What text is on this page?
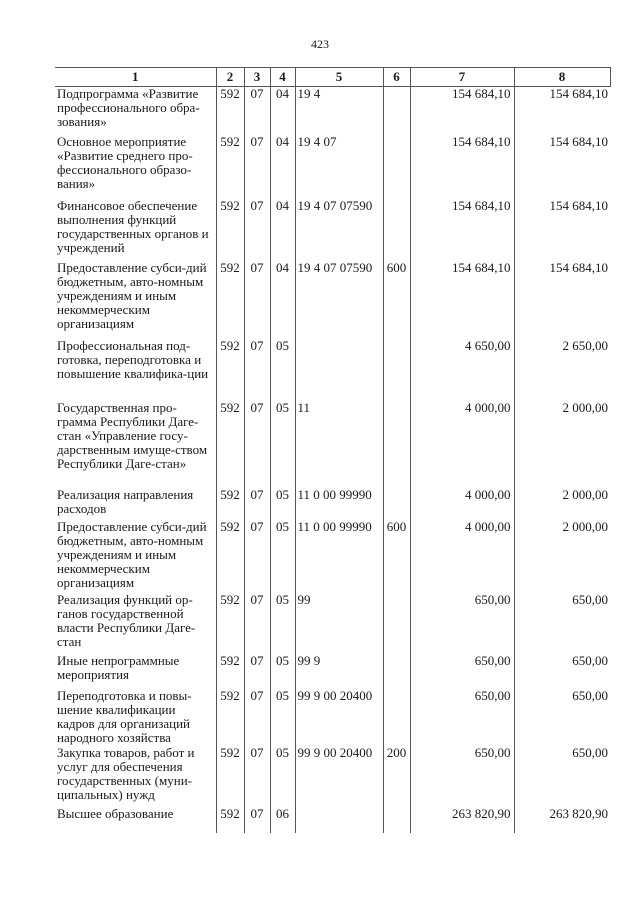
423
1	2	3	4	5	6	7	8
Подпрограмма «Развитие профессионального обра-зования»	592	07	04	19 4		154 684,10	154 684,10
Основное мероприятие «Развитие среднего про-фессионального образо-вания»	592	07	04	19 4 07		154 684,10	154 684,10
Финансовое обеспечение выполнения функций государственных органов и учреждений	592	07	04	19 4 07 07590		154 684,10	154 684,10
Предоставление субси-дий бюджетным, авто-номным учреждениям и иным некоммерческим организациям	592	07	04	19 4 07 07590	600	154 684,10	154 684,10
Профессиональная под-готовка, переподготовка и повышение квалифика-ции	592	07	05			4 650,00	2 650,00
Государственная про-грамма Республики Даге-стан «Управление госу-дарственным имуще-ством Республики Даге-стан»	592	07	05	11		4 000,00	2 000,00
Реализация направления расходов	592	07	05	11 0 00 99990		4 000,00	2 000,00
Предоставление субси-дий бюджетным, авто-номным учреждениям и иным некоммерческим организациям	592	07	05	11 0 00 99990	600	4 000,00	2 000,00
Реализация функций ор-ганов государственной власти Республики Даге-стан	592	07	05	99		650,00	650,00
Иные непрограммные мероприятия	592	07	05	99 9		650,00	650,00
Переподготовка и повы-шение квалификации кадров для организаций народного хозяйства	592	07	05	99 9 00 20400		650,00	650,00
Закупка товаров, работ и услуг для обеспечения государственных (муни-ципальных) нужд	592	07	05	99 9 00 20400	200	650,00	650,00
Высшее образование	592	07	06			263 820,90	263 820,90
